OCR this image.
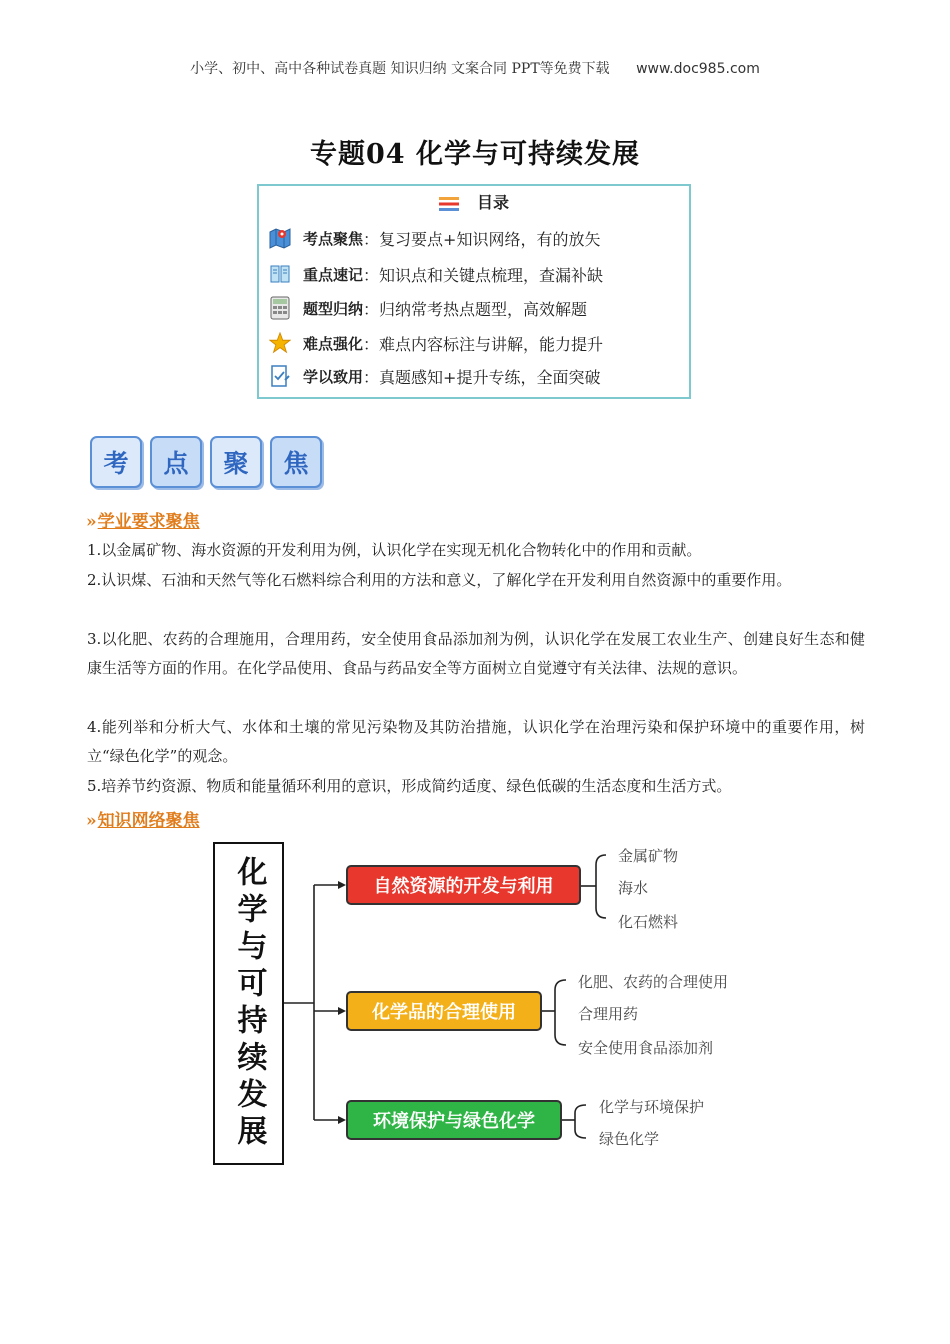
小学、初中、高中各种试卷真题 知识归纳 文案合同 PPT等免费下载 www.doc985.com
专题04 化学与可持续发展
目录
考点聚焦 ： 复习要点+知识网络，有的放矢
重点速记 ： 知识点和关键点梳理，查漏补缺
题型归纳 ： 归纳常考热点题型，高效解题
难点强化 ： 难点内容标注与讲解，能力提升
学以致用 ： 真题感知+提升专练，全面突破
考	点	聚	焦
»学业要求聚焦
1.以金属矿物、海水资源的开发利用为例，认识化学在实现无机化合物转化中的作用和贡献。
2.认识煤、石油和天然气等化石燃料综合利用的方法和意义，了解化学在开发利用自然资源中的重要作用。
3.以化肥、农药的合理施用，合理用药，安全使用食品添加剂为例，认识化学在发展工农业生产、创建良好生态和健康生活等方面的作用。在化学品使用、食品与药品安全等方面树立自觉遵守有关法律、法规的意识。
4.能列举和分析大气、水体和土壤的常见污染物及其防治措施，认识化学在治理污染和保护环境中的重要作用，树立“绿色化学”的观念。
5.培养节约资源、物质和能量循环利用的意识，形成简约适度、绿色低碳的生活态度和生活方式。
»知识网络聚焦
化学与可持续发展	自然资源的开发与利用
化学品的合理使用
环境保护与绿色化学
金属矿物
海水
化石燃料
化肥、农药的合理使用
合理用药
安全使用食品添加剂
化学与环境保护
绿色化学
